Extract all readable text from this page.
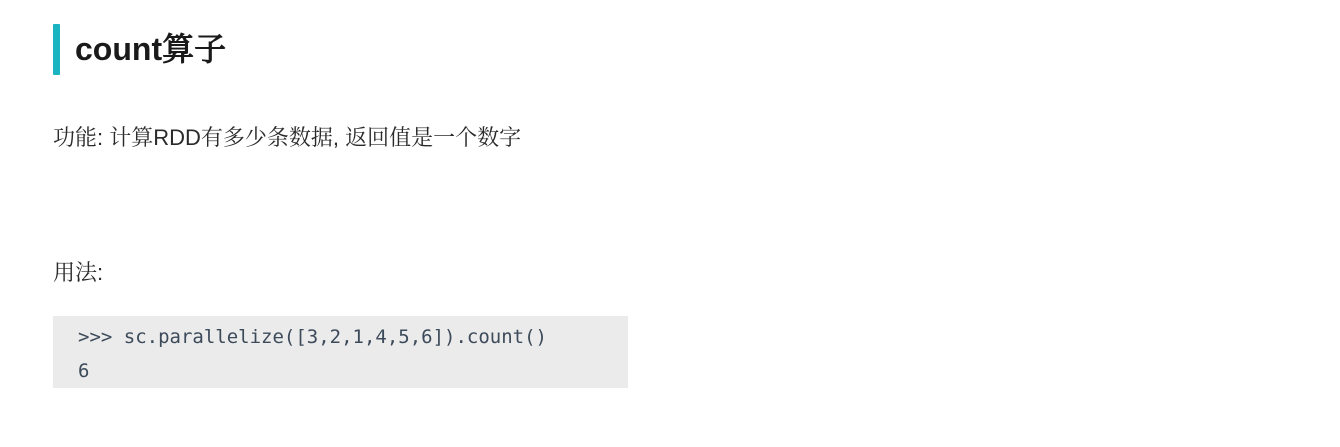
count算子
功能: 计算RDD有多少条数据, 返回值是一个数字
用法:
>>> sc.parallelize([3,2,1,4,5,6]).count()
6
